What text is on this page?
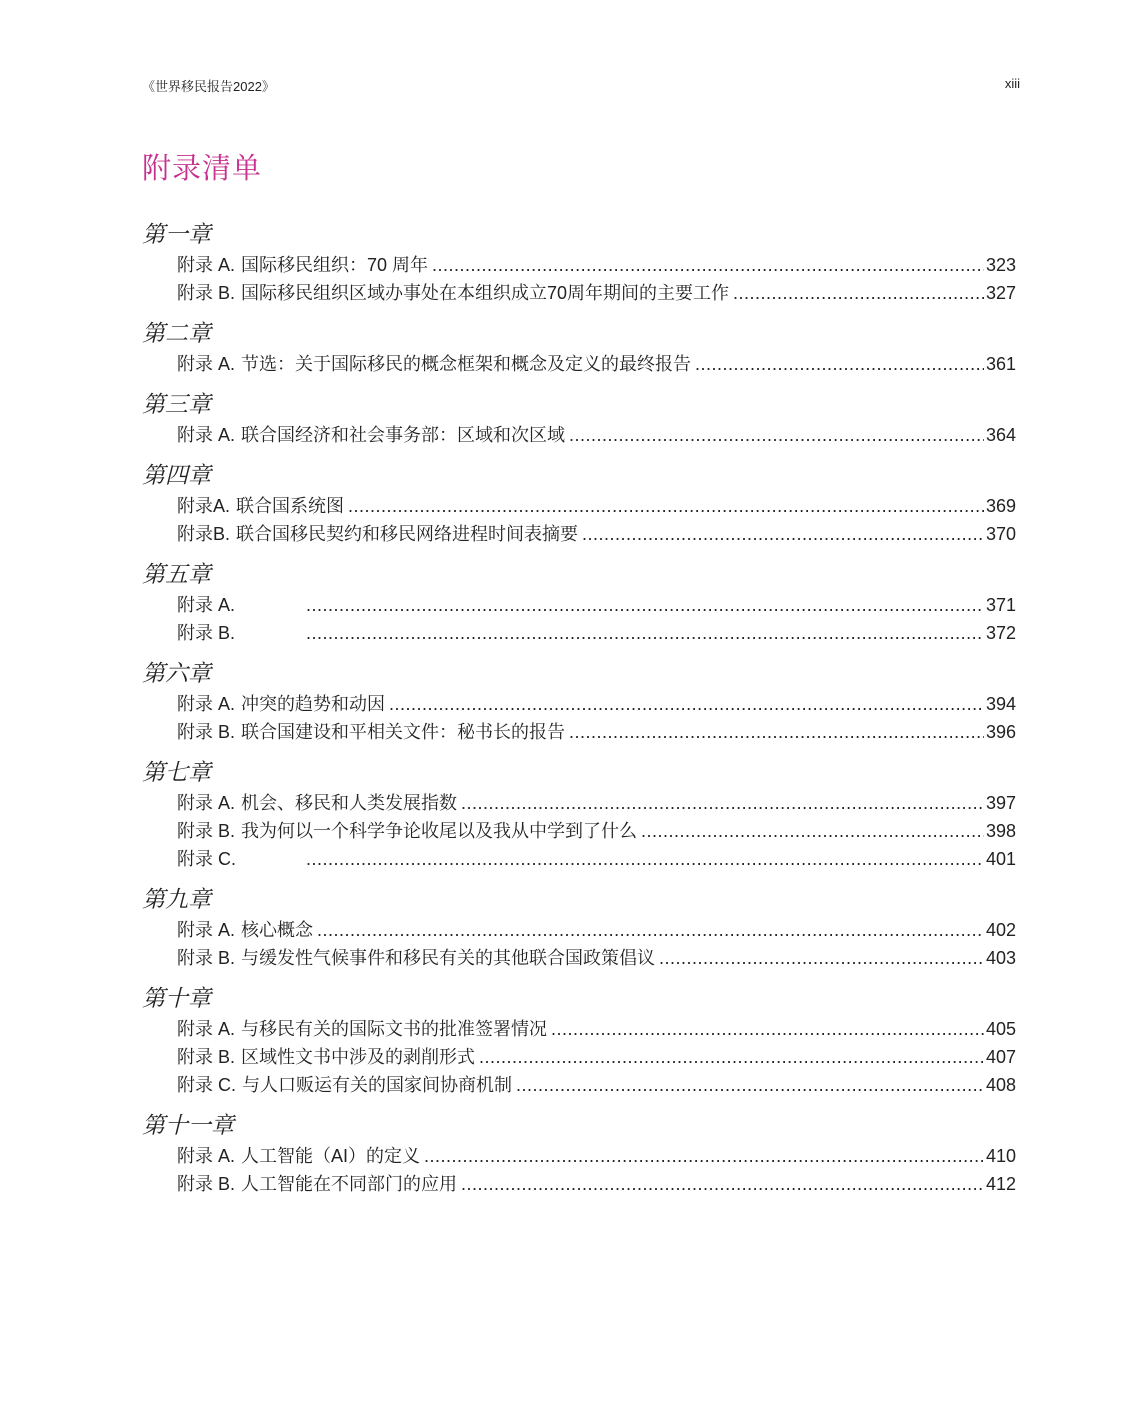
《世界移民报告2022》	xiii
附录清单
第一章
附录 A. 国际移民组织：70 周年 .....	323
附录 B. 国际移民组织区域办事处在本组织成立70周年期间的主要工作 .....	327
第二章
附录 A. 节选：关于国际移民的概念框架和概念及定义的最终报告 .....	361
第三章
附录 A. 联合国经济和社会事务部：区域和次区域 .....	364
第四章
附录A. 联合国系统图 .....	369
附录B. 联合国移民契约和移民网络进程时间表摘要 .....	370
第五章
附录 A. .....	371
附录 B. .....	372
第六章
附录 A. 冲突的趋势和动因 .....	394
附录 B. 联合国建设和平相关文件：秘书长的报告 .....	396
第七章
附录 A. 机会、移民和人类发展指数 .....	397
附录 B. 我为何以一个科学争论收尾以及我从中学到了什么 .....	398
附录 C. .....	401
第九章
附录 A. 核心概念 .....	402
附录 B. 与缓发性气候事件和移民有关的其他联合国政策倡议 .....	403
第十章
附录 A. 与移民有关的国际文书的批准签署情况 .....	405
附录 B. 区域性文书中涉及的剥削形式 .....	407
附录 C. 与人口贩运有关的国家间协商机制 .....	408
第十一章
附录 A. 人工智能（AI）的定义 .....	410
附录 B. 人工智能在不同部门的应用 .....	412
